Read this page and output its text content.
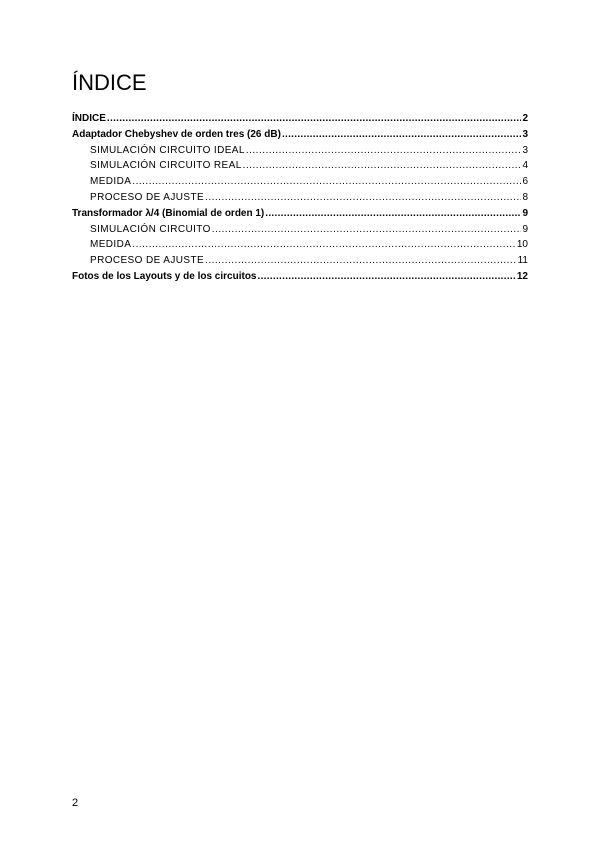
ÍNDICE
ÍNDICE .....	2
Adaptador Chebyshev de orden tres (26 dB) .....	3
SIMULACIÓN CIRCUITO IDEAL .....	3
SIMULACIÓN CIRCUITO REAL .....	4
MEDIDA .....	6
PROCESO DE AJUSTE .....	8
Transformador λ/4 (Binomial de orden 1) .....	9
SIMULACIÓN CIRCUITO .....	9
MEDIDA .....	10
PROCESO DE AJUSTE .....	11
Fotos de los Layouts y de los circuitos .....	12
2
